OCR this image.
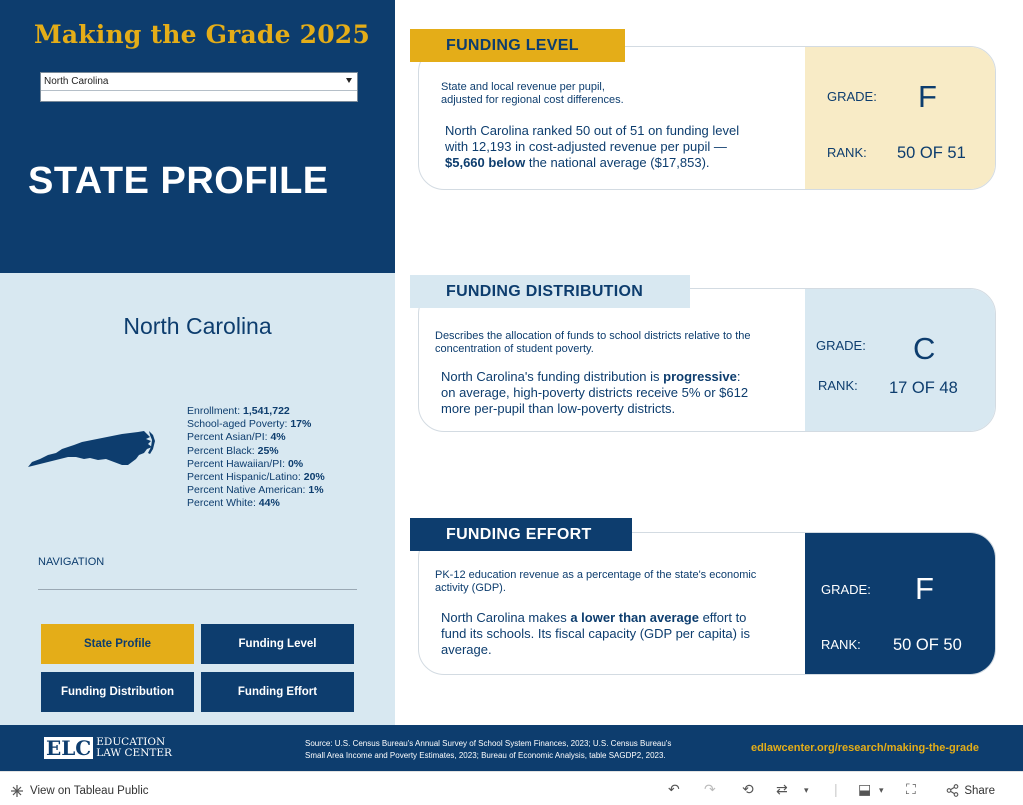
Making the Grade 2025
North Carolina
STATE PROFILE
North Carolina
Enrollment: 1,541,722
School-aged Poverty: 17%
Percent Asian/PI: 4%
Percent Black: 25%
Percent Hawaiian/PI: 0%
Percent Hispanic/Latino: 20%
Percent Native American: 1%
Percent White: 44%
NAVIGATION
State Profile	Funding Level
Funding Distribution	Funding Effort
State and local revenue per pupil,
adjusted for regional cost differences.
North Carolina ranked 50 out of 51 on funding level
with 12,193 in cost-adjusted revenue per pupil —
$5,660 below the national average ($17,853).
GRADE: F
RANK: 50 OF 51
FUNDING LEVEL
Describes the allocation of funds to school districts relative to the
concentration of student poverty.
North Carolina's funding distribution is progressive:
on average, high-poverty districts receive 5% or $612
more per-pupil than low-poverty districts.
GRADE: C
RANK: 17 OF 48
FUNDING DISTRIBUTION
PK-12 education revenue as a percentage of the state's economic
activity (GDP).
North Carolina makes a lower than average effort to
fund its schools. Its fiscal capacity (GDP per capita) is
average.
GRADE: F
RANK: 50 OF 50
FUNDING EFFORT
ELC EDUCATION
LAW CENTER
Source: U.S. Census Bureau's Annual Survey of School System Finances, 2023; U.S. Census Bureau's
Small Area Income and Poverty Estimates, 2023; Bureau of Economic Analysis, table SAGDP2, 2023.
edlawcenter.org/research/making-the-grade
View on Tableau Public	↶ ↷ ⟲ ⇄ ▾ | ⬓ ▾ ⛶	Share
